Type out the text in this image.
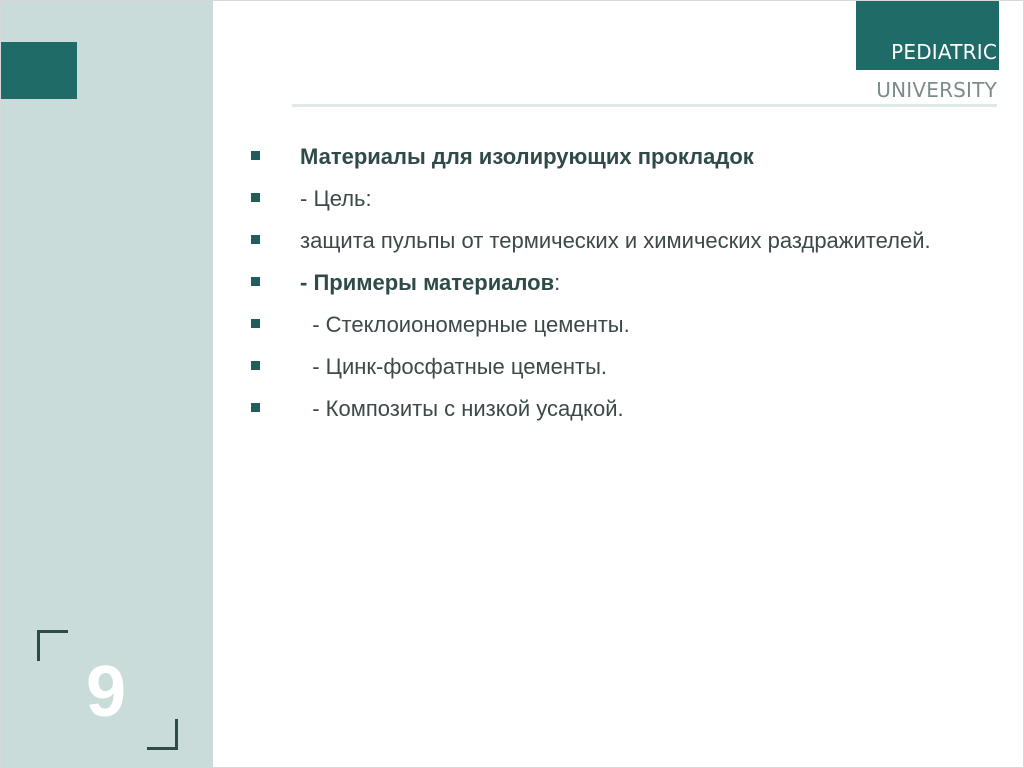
9
PEDIATRIC
UNIVERSITY
Материалы для изолирующих прокладок
- Цель:
защита пульпы от термических и химических раздражителей.
- Примеры материалов:
- Стеклоиономерные цементы.
- Цинк-фосфатные цементы.
- Композиты с низкой усадкой.
